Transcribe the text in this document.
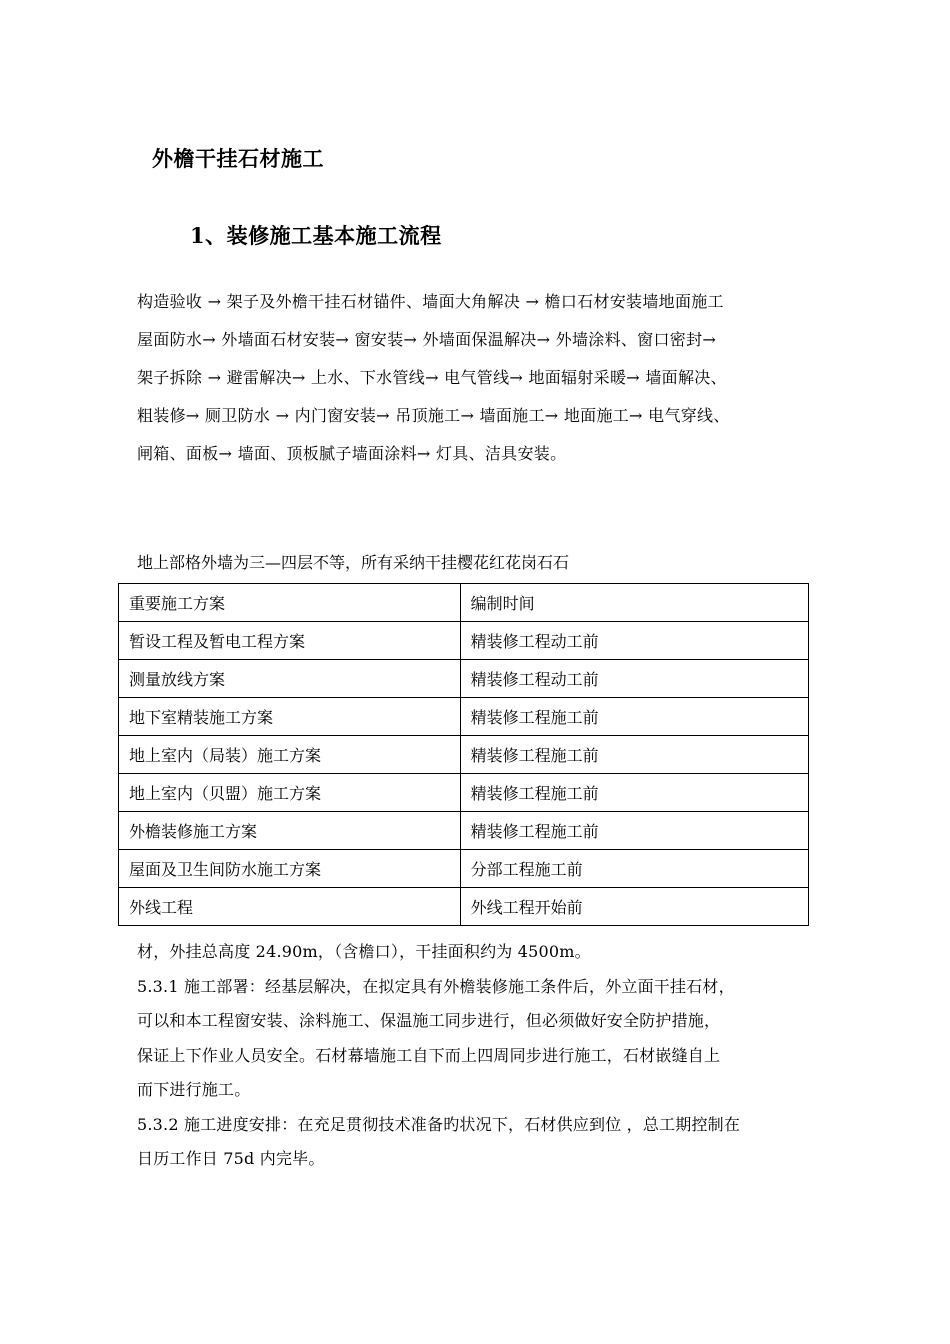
外檐干挂石材施工
1、装修施工基本施工流程
构造验收 → 架子及外檐干挂石材锚件、墙面大角解决 → 檐口石材安装墙地面施工
屋面防水→ 外墙面石材安装→ 窗安装→ 外墙面保温解决→ 外墙涂料、窗口密封→
架子拆除 → 避雷解决→ 上水、下水管线→ 电气管线→ 地面辐射采暖→ 墙面解决、
粗装修→ 厕卫防水 → 内门窗安装→ 吊顶施工→ 墙面施工→ 地面施工→ 电气穿线、
闸箱、面板→ 墙面、顶板腻子墙面涂料→ 灯具、洁具安装。
地上部格外墙为三—四层不等，所有采纳干挂樱花红花岗石石
重要施工方案	编制时间
暂设工程及暂电工程方案	精装修工程动工前
测量放线方案	精装修工程动工前
地下室精装施工方案	精装修工程施工前
地上室内（局装）施工方案	精装修工程施工前
地上室内（贝盟）施工方案	精装修工程施工前
外檐装修施工方案	精装修工程施工前
屋面及卫生间防水施工方案	分部工程施工前
外线工程	外线工程开始前
材，外挂总高度 24.90m，（含檐口），干挂面积约为 4500m。
5.3.1 施工部署：经基层解决，在拟定具有外檐装修施工条件后，外立面干挂石材，
可以和本工程窗安装、涂料施工、保温施工同步进行，但必须做好安全防护措施，
保证上下作业人员安全。石材幕墙施工自下而上四周同步进行施工，石材嵌缝自上
而下进行施工。
5.3.2 施工进度安排：在充足贯彻技术准备旳状况下，石材供应到位 ，总工期控制在
日历工作日 75d 内完毕。
